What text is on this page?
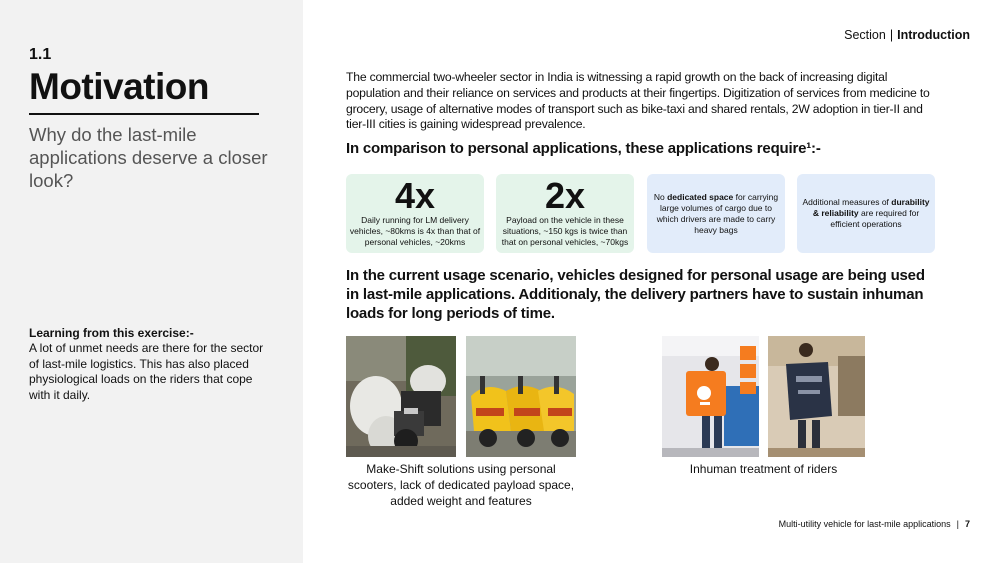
1.1
Motivation
Why do the last-mile applications deserve a closer look?
Learning from this exercise:-
A lot of unmet needs are there for the sector of last-mile logistics. This has also placed physiological loads on the riders that cope with it daily.
Section | Introduction
The commercial two-wheeler sector in India is witnessing a rapid growth on the back of increasing digital population and their reliance on services and products at their fingertips. Digitization of services from medicine to grocery, usage of alternative modes of transport such as bike-taxi and shared rentals, 2W adoption in tier-II and tier-III cities is gaining widespread prevalence.
In comparison to personal applications, these applications require¹:-
4x
Daily running for LM delivery vehicles, ~80kms is 4x than that of personal vehicles, ~20kms
2x
Payload on the vehicle in these situations, ~150 kgs is twice than that on personal vehicles, ~70kgs
No dedicated space for carrying large volumes of cargo due to which drivers are made to carry heavy bags
Additional measures of durability & reliability are required for efficient operations
In the current usage scenario, vehicles designed for personal usage are being used in last-mile applications. Additionaly, the delivery partners have to sustain inhuman loads for long periods of time.
Make-Shift solutions using personal scooters, lack of dedicated payload space, added weight and features
Inhuman treatment of riders
Multi-utility vehicle for last-mile applications | 7
